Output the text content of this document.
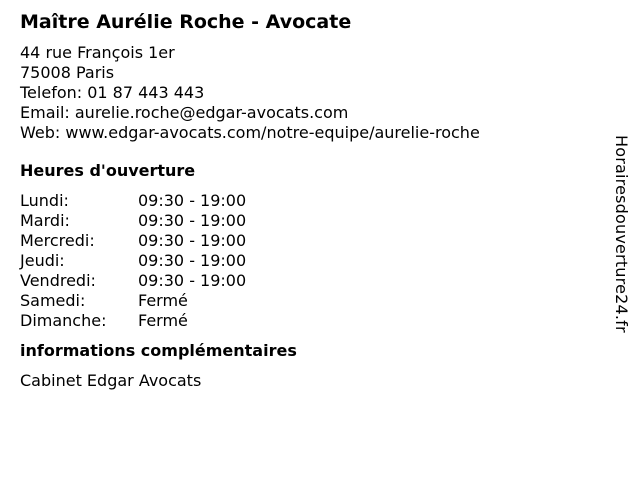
Maître Aurélie Roche - Avocate
44 rue François 1er
75008 Paris
Telefon: 01 87 443 443
Email: aurelie.roche@edgar-avocats.com
Web: www.edgar-avocats.com/notre-equipe/aurelie-roche
Heures d'ouverture
Lundi:	09:30 - 19:00
Mardi:	09:30 - 19:00
Mercredi:	09:30 - 19:00
Jeudi:	09:30 - 19:00
Vendredi:	09:30 - 19:00
Samedi:	Fermé
Dimanche:	Fermé
informations complémentaires
Cabinet Edgar Avocats
Horairesdouverture24.fr
